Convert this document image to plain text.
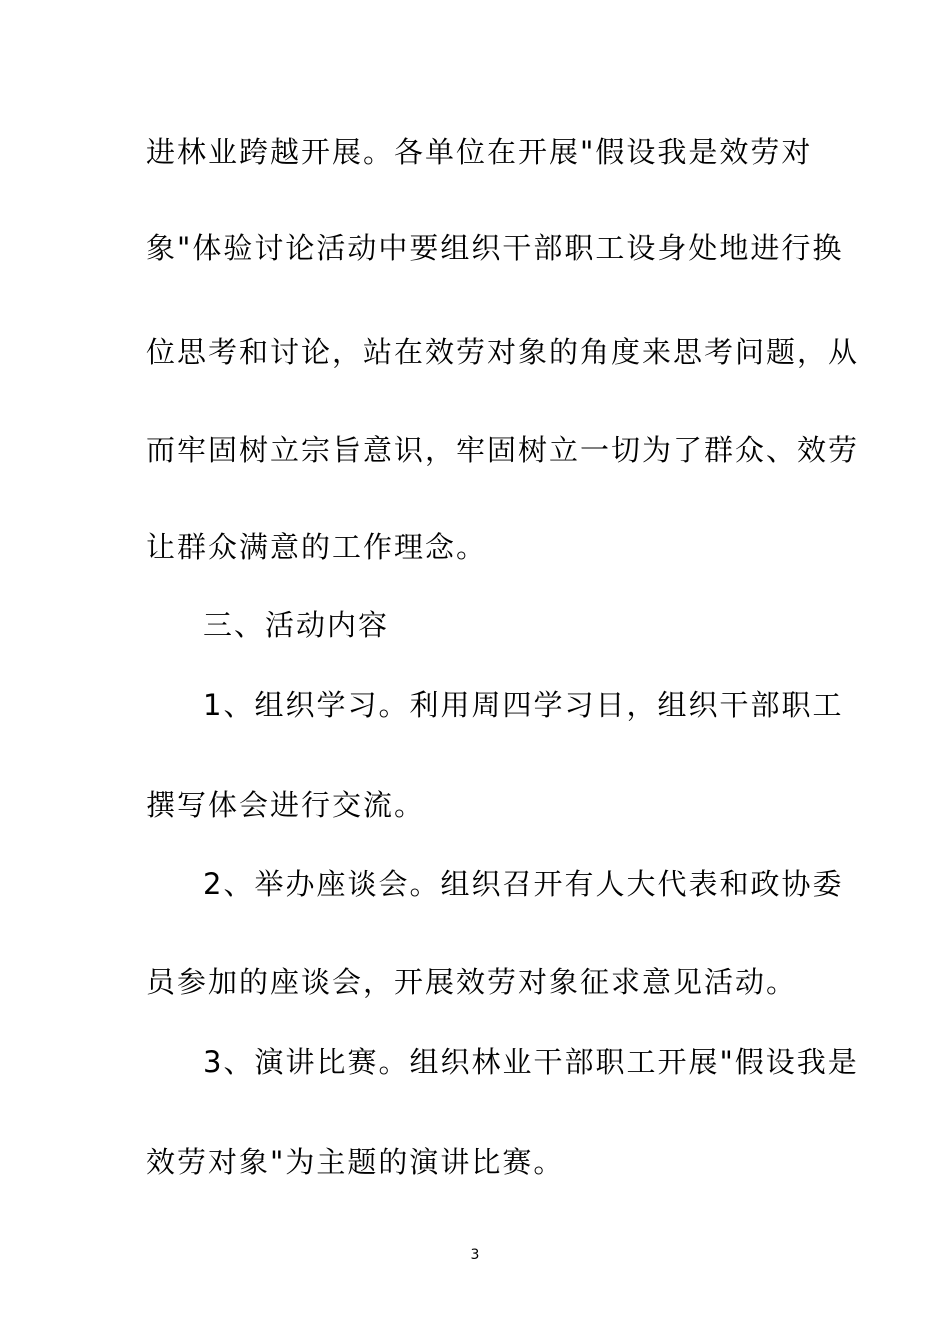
进林业跨越开展。各单位在开展"假设我是效劳对
象"体验讨论活动中要组织干部职工设身处地进行换
位思考和讨论，站在效劳对象的角度来思考问题，从
而牢固树立宗旨意识，牢固树立一切为了群众、效劳
让群众满意的工作理念。
三、活动内容
1、组织学习。利用周四学习日，组织干部职工
撰写体会进行交流。
2、举办座谈会。组织召开有人大代表和政协委
员参加的座谈会，开展效劳对象征求意见活动。
3、演讲比赛。组织林业干部职工开展"假设我是
效劳对象"为主题的演讲比赛。
3
